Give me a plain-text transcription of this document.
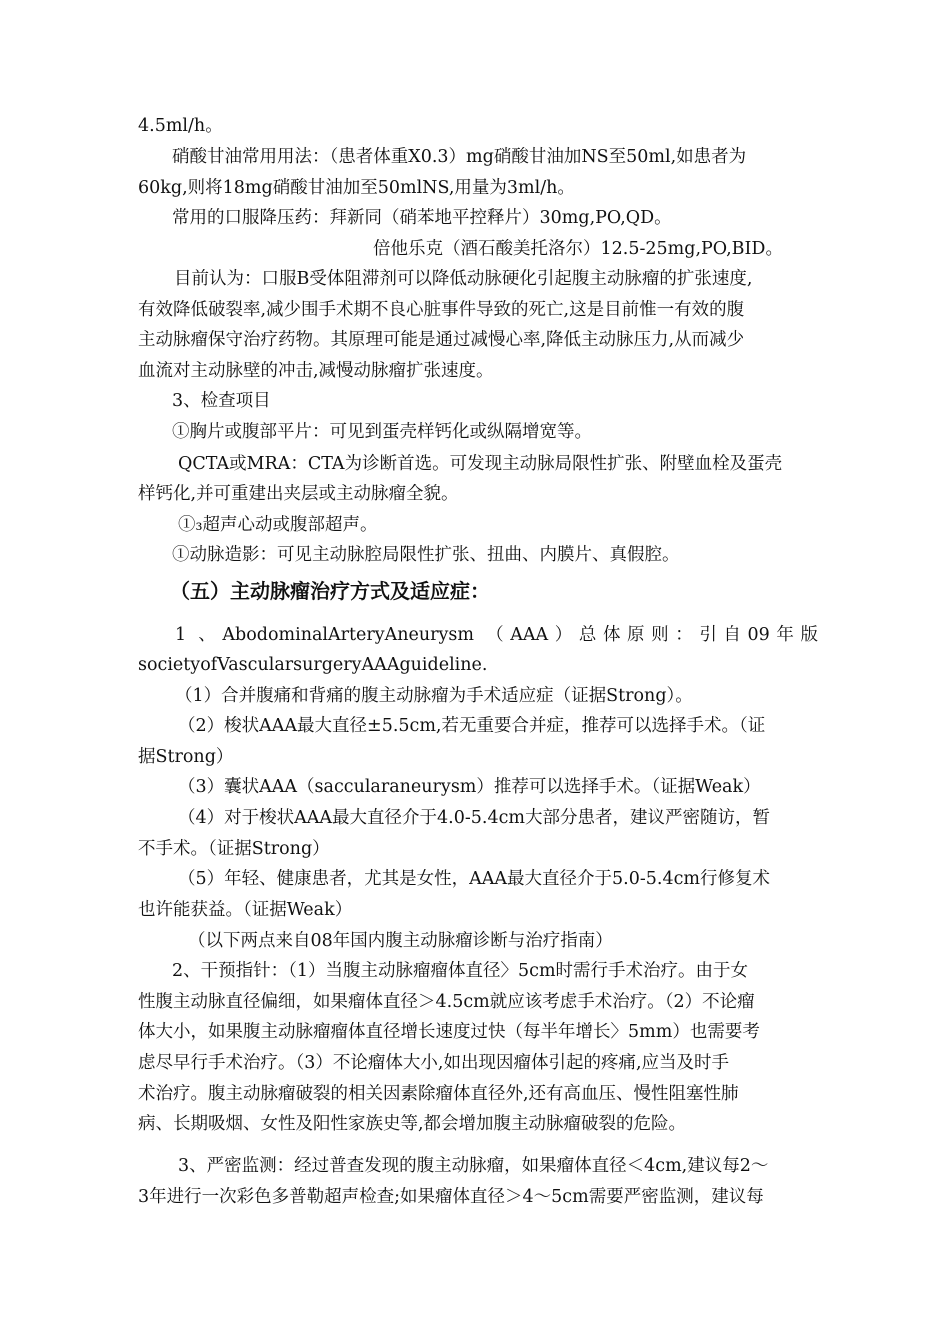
4.5ml/h。
硝酸甘油常用用法：（患者体重X0.3）mg硝酸甘油加NS至50ml,如患者为
60kg,则将18mg硝酸甘油加至50mlNS,用量为3ml/h。
常用的口服降压药：拜新同（硝苯地平控释片）30mg,PO,QD。
倍他乐克（酒石酸美托洛尔）12.5-25mg,PO,BID。
目前认为：口服B受体阻滞剂可以降低动脉硬化引起腹主动脉瘤的扩张速度,
有效降低破裂率,减少围手术期不良心脏事件导致的死亡,这是目前惟一有效的腹
主动脉瘤保守治疗药物。其原理可能是通过减慢心率,降低主动脉压力,从而减少
血流对主动脉壁的冲击,减慢动脉瘤扩张速度。
3、检查项目
①胸片或腹部平片：可见到蛋壳样钙化或纵隔增宽等。
QCTA或MRA：CTA为诊断首选。可发现主动脉局限性扩张、附壁血栓及蛋壳
样钙化,并可重建出夹层或主动脉瘤全貌。
①₃超声心动或腹部超声。
①动脉造影：可见主动脉腔局限性扩张、扭曲、内膜片、真假腔。
（五）主动脉瘤治疗方式及适应症：
1 、AbodominalArteryAneurysm （AAA）总体原则：引自09年版
societyofVascularsurgeryAAAguideline.
（1）合并腹痛和背痛的腹主动脉瘤为手术适应症（证据Strong）。
（2）梭状AAA最大直径±5.5cm,若无重要合并症，推荐可以选择手术。（证
据Strong）
（3）囊状AAA（saccularaneurysm）推荐可以选择手术。（证据Weak）
（4）对于梭状AAA最大直径介于4.0-5.4cm大部分患者，建议严密随访，暂
不手术。（证据Strong）
（5）年轻、健康患者，尤其是女性，AAA最大直径介于5.0-5.4cm行修复术
也许能获益。（证据Weak）
（以下两点来自08年国内腹主动脉瘤诊断与治疗指南）
2、干预指针：（1）当腹主动脉瘤瘤体直径〉5cm时需行手术治疗。由于女
性腹主动脉直径偏细，如果瘤体直径＞4.5cm就应该考虑手术治疗。（2）不论瘤
体大小，如果腹主动脉瘤瘤体直径增长速度过快（每半年增长〉5mm）也需要考
虑尽早行手术治疗。（3）不论瘤体大小,如出现因瘤体引起的疼痛,应当及时手
术治疗。腹主动脉瘤破裂的相关因素除瘤体直径外,还有高血压、慢性阻塞性肺
病、长期吸烟、女性及阳性家族史等,都会增加腹主动脉瘤破裂的危险。
3、严密监测：经过普查发现的腹主动脉瘤，如果瘤体直径＜4cm,建议每2〜
3年进行一次彩色多普勒超声检查;如果瘤体直径＞4〜5cm需要严密监测，建议每
